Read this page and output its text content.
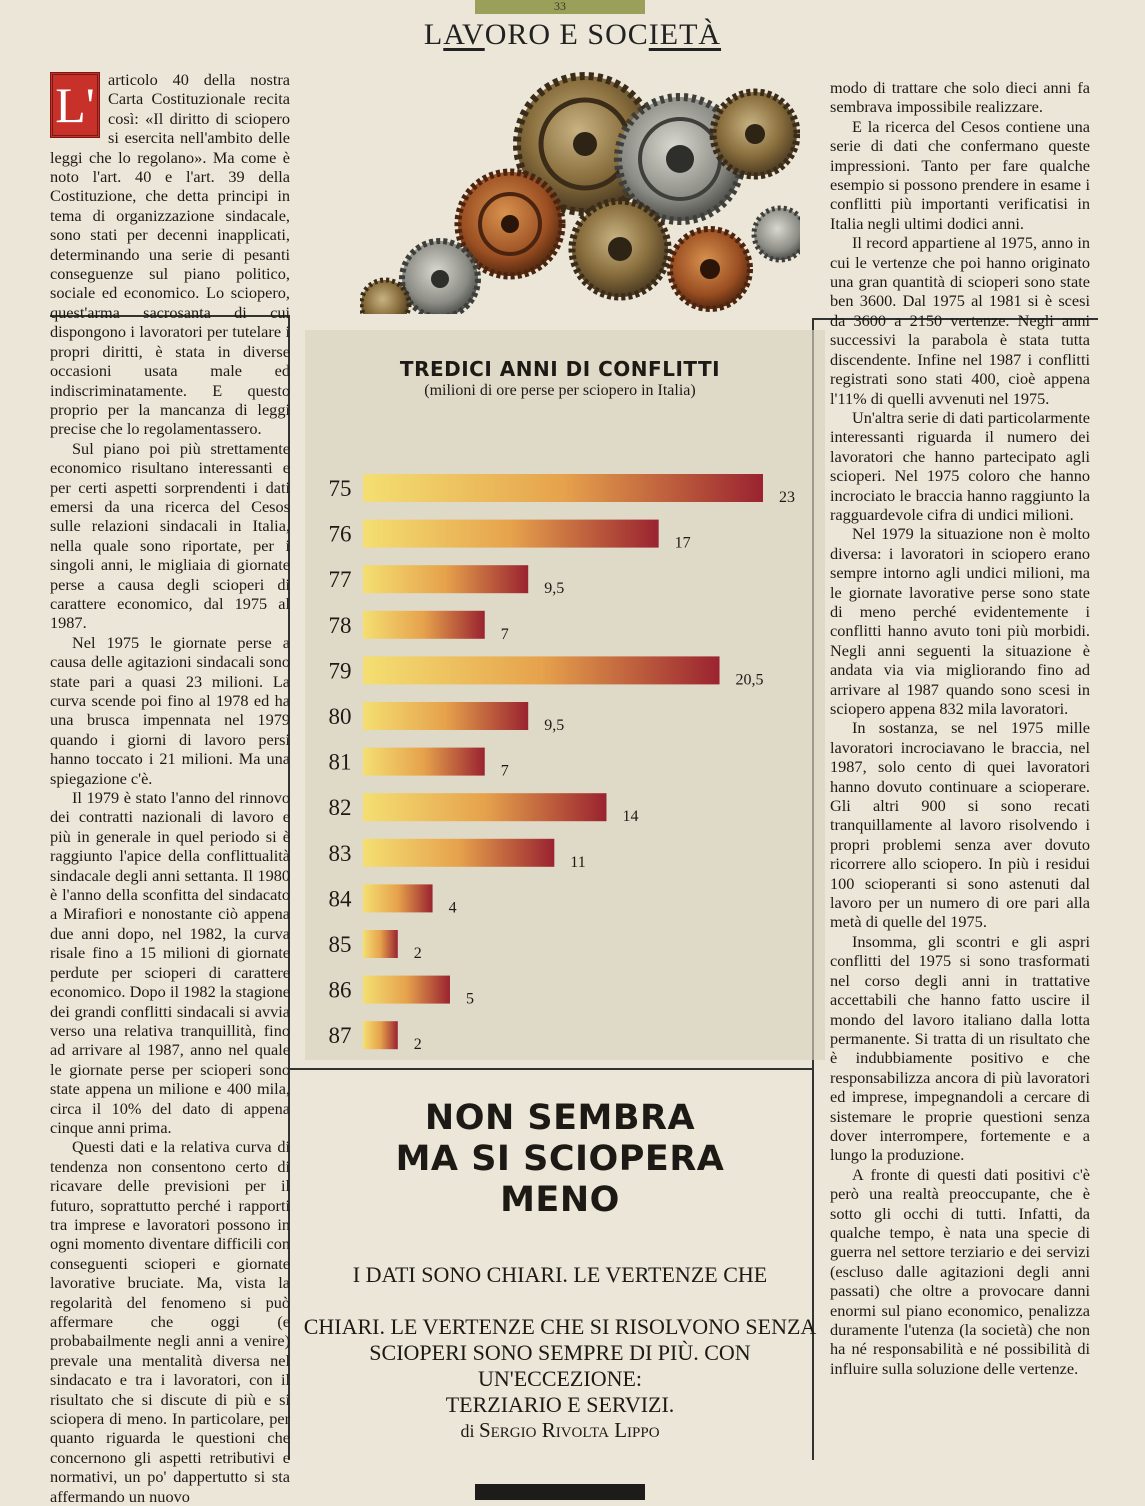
33
LAVORO E SOCIETÀ
L' articolo 40 della nostra Carta Costituzionale recita così: «Il diritto di sciopero si esercita nell'ambito delle leggi che lo regolano». Ma come è noto l'art. 40 e l'art. 39 della Costituzione, che detta principi in tema di organizzazione sindacale, sono stati per decenni inapplicati, determinando una serie di pesanti conseguenze sul piano politico, sociale ed economico. Lo sciopero, quest'arma sacrosanta di cui dispongono i lavoratori per tutelare i propri diritti, è stata in diverse occasioni usata male ed indiscriminatamente. E questo proprio per la mancanza di leggi precise che lo regolamentassero.

Sul piano poi più strettamente economico risultano interessanti e per certi aspetti sorprendenti i dati emersi da una ricerca del Cesos sulle relazioni sindacali in Italia, nella quale sono riportate, per i singoli anni, le migliaia di giornate perse a causa degli scioperi di carattere economico, dal 1975 al 1987.

Nel 1975 le giornate perse a causa delle agitazioni sindacali sono state pari a quasi 23 milioni. La curva scende poi fino al 1978 ed ha una brusca impennata nel 1979 quando i giorni di lavoro persi hanno toccato i 21 milioni. Ma una spiegazione c'è.

Il 1979 è stato l'anno del rinnovo dei contratti nazionali di lavoro e più in generale in quel periodo si è raggiunto l'apice della conflittualità sindacale degli anni settanta. Il 1980 è l'anno della sconfitta del sindacato a Mirafiori e nonostante ciò appena due anni dopo, nel 1982, la curva risale fino a 15 milioni di giornate perdute per scioperi di carattere economico. Dopo il 1982 la stagione dei grandi conflitti sindacali si avvia verso una relativa tranquillità, fino ad arrivare al 1987, anno nel quale le giornate perse per scioperi sono state appena un milione e 400 mila, circa il 10% del dato di appena cinque anni prima.

Questi dati e la relativa curva di tendenza non consentono certo di ricavare delle previsioni per il futuro, soprattutto perché i rapporti tra imprese e lavoratori possono in ogni momento diventare difficili con conseguenti scioperi e giornate lavorative bruciate. Ma, vista la regolarità del fenomeno si può affermare che oggi (e probabailmente negli anni a venire) prevale una mentalità diversa nel sindacato e tra i lavoratori, con il risultato che si discute di più e si sciopera di meno. In particolare, per quanto riguarda le questioni che concernono gli aspetti retributivi e normativi, un po' dappertutto si sta affermando un nuovo

modo di trattare che solo dieci anni fa sembrava impossibile realizzare.

E la ricerca del Cesos contiene una serie di dati che confermano queste impressioni. Tanto per fare qualche esempio si possono prendere in esame i conflitti più importanti verificatisi in Italia negli ultimi dodici anni.

Il record appartiene al 1975, anno in cui le vertenze che poi hanno originato una gran quantità di scioperi sono state ben 3600. Dal 1975 al 1981 si è scesi da 3600 a 2150 vertenze. Negli anni successivi la parabola è stata tutta discendente. Infine nel 1987 i conflitti registrati sono stati 400, cioè appena l'11% di quelli avvenuti nel 1975.

Un'altra serie di dati particolarmente interessanti riguarda il numero dei lavoratori che hanno partecipato agli scioperi. Nel 1975 coloro che hanno incrociato le braccia hanno raggiunto la ragguardevole cifra di undici milioni.

Nel 1979 la situazione non è molto diversa: i lavoratori in sciopero erano sempre intorno agli undici milioni, ma le giornate lavorative perse sono state di meno perché evidentemente i conflitti hanno avuto toni più morbidi. Negli anni seguenti la situazione è andata via via migliorando fino ad arrivare al 1987 quando sono scesi in sciopero appena 832 mila lavoratori.

In sostanza, se nel 1975 mille lavoratori incrociavano le braccia, nel 1987, solo cento di quei lavoratori hanno dovuto continuare a scioperare. Gli altri 900 si sono recati tranquillamente al lavoro risolvendo i propri problemi senza aver dovuto ricorrere allo sciopero. In più i residui 100 scioperanti si sono astenuti dal lavoro per un numero di ore pari alla metà di quelle del 1975.

Insomma, gli scontri e gli aspri conflitti del 1975 si sono trasformati nel corso degli anni in trattative accettabili che hanno fatto uscire il mondo del lavoro italiano dalla lotta permanente. Si tratta di un risultato che è indubbiamente positivo e che responsabilizza ancora di più lavoratori ed imprese, impegnandoli a cercare di sistemare le proprie questioni senza dover interrompere, fortemente e a lungo la produzione.

A fronte di questi dati positivi c'è però una realtà preoccupante, che è sotto gli occhi di tutti. Infatti, da qualche tempo, è nata una specie di guerra nel settore terziario e dei servizi (escluso dalle agitazioni degli anni passati) che oltre a provocare danni enormi sul piano economico, penalizza duramente l'utenza (la società) che non ha né responsabilità e né possibilità di influire sulla soluzione delle vertenze.

TREDICI ANNI DI CONFLITTI
(milioni di ore perse per sciopero in Italia)
75	23
76	17
77	9,5
78	7
79	20,5
80	9,5
81	7
82	14
83	11
84	4
85	2
86	5
87	2
NON SEMBRA
MA SI SCIOPERA
MENO
I DATI SONO CHIARI. LE VERTENZE CHE

CHIARI. LE VERTENZE CHE SI RISOLVONO SENZA SCIOPERI SONO SEMPRE DI PIÙ. CON UN'ECCEZIONE:
TERZIARIO E SERVIZI.
di Sergio Rivolta Lippo
